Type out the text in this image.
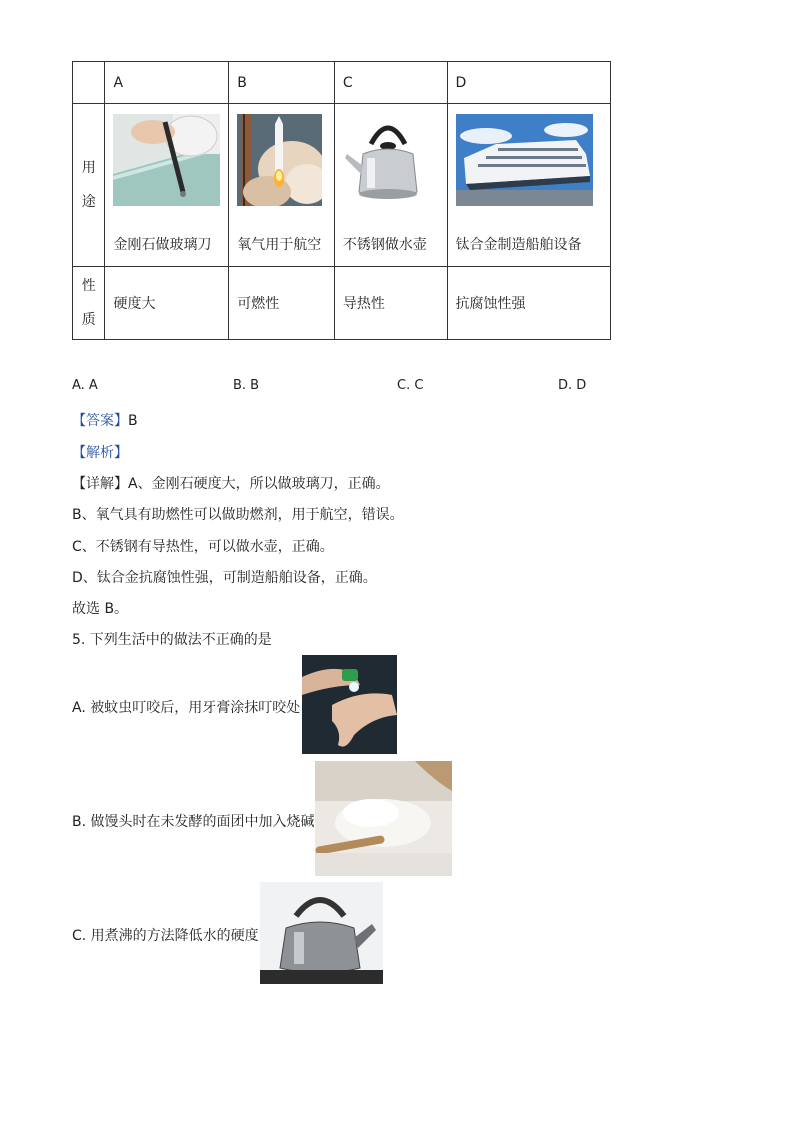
	A	B	C	D

用
途	金刚石做玻璃刀	氧气用于航空	不锈钢做水壶	钛合金制造船舶设备

性
质	硬度大	可燃性	导热性	抗腐蚀性强
A. A	B. B	C. C	D. D
【答案】B
【解析】
【详解】A、金刚石硬度大，所以做玻璃刀，正确。
B、氧气具有助燃性可以做助燃剂，用于航空，错误。
C、不锈钢有导热性，可以做水壶，正确。
D、钛合金抗腐蚀性强，可制造船舶设备，正确。
故选 B。
5. 下列生活中的做法不正确的是
A. 被蚊虫叮咬后，用牙膏涂抹叮咬处
B. 做馒头时在未发酵的面团中加入烧碱
C. 用煮沸的方法降低水的硬度
